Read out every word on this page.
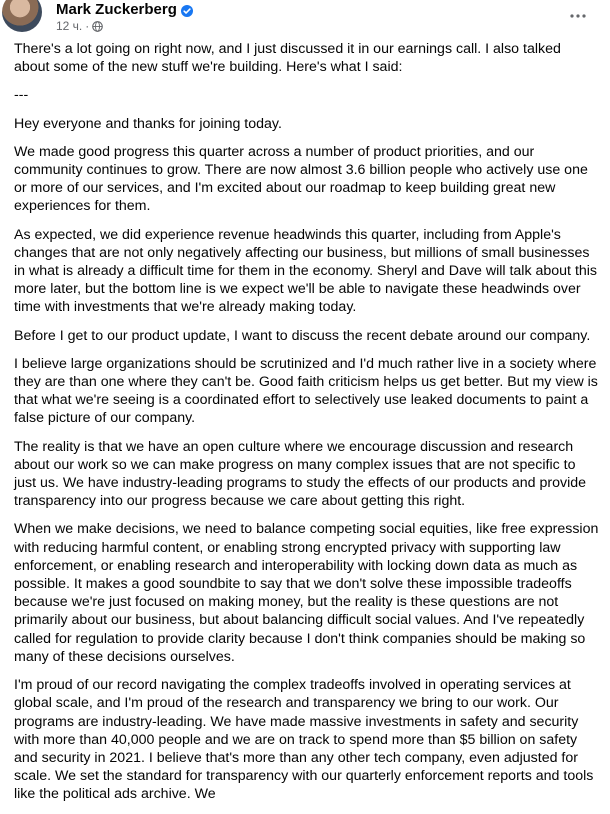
Mark Zuckerberg
12 ч. ·

There's a lot going on right now, and I just discussed it in our earnings call. I also talked about some of the new stuff we're building. Here's what I said:

---

Hey everyone and thanks for joining today.

We made good progress this quarter across a number of product priorities, and our community continues to grow. There are now almost 3.6 billion people who actively use one or more of our services, and I'm excited about our roadmap to keep building great new experiences for them.

As expected, we did experience revenue headwinds this quarter, including from Apple's changes that are not only negatively affecting our business, but millions of small businesses in what is already a difficult time for them in the economy. Sheryl and Dave will talk about this more later, but the bottom line is we expect we'll be able to navigate these headwinds over time with investments that we're already making today.

Before I get to our product update, I want to discuss the recent debate around our company.

I believe large organizations should be scrutinized and I'd much rather live in a society where they are than one where they can't be. Good faith criticism helps us get better. But my view is that what we're seeing is a coordinated effort to selectively use leaked documents to paint a false picture of our company.

The reality is that we have an open culture where we encourage discussion and research about our work so we can make progress on many complex issues that are not specific to just us. We have industry-leading programs to study the effects of our products and provide transparency into our progress because we care about getting this right.

When we make decisions, we need to balance competing social equities, like free expression with reducing harmful content, or enabling strong encrypted privacy with supporting law enforcement, or enabling research and interoperability with locking down data as much as possible. It makes a good soundbite to say that we don't solve these impossible tradeoffs because we're just focused on making money, but the reality is these questions are not primarily about our business, but about balancing difficult social values. And I've repeatedly called for regulation to provide clarity because I don't think companies should be making so many of these decisions ourselves.

I'm proud of our record navigating the complex tradeoffs involved in operating services at global scale, and I'm proud of the research and transparency we bring to our work. Our programs are industry-leading. We have made massive investments in safety and security with more than 40,000 people and we are on track to spend more than $5 billion on safety and security in 2021. I believe that's more than any other tech company, even adjusted for scale. We set the standard for transparency with our quarterly enforcement reports and tools like the political ads archive. We
